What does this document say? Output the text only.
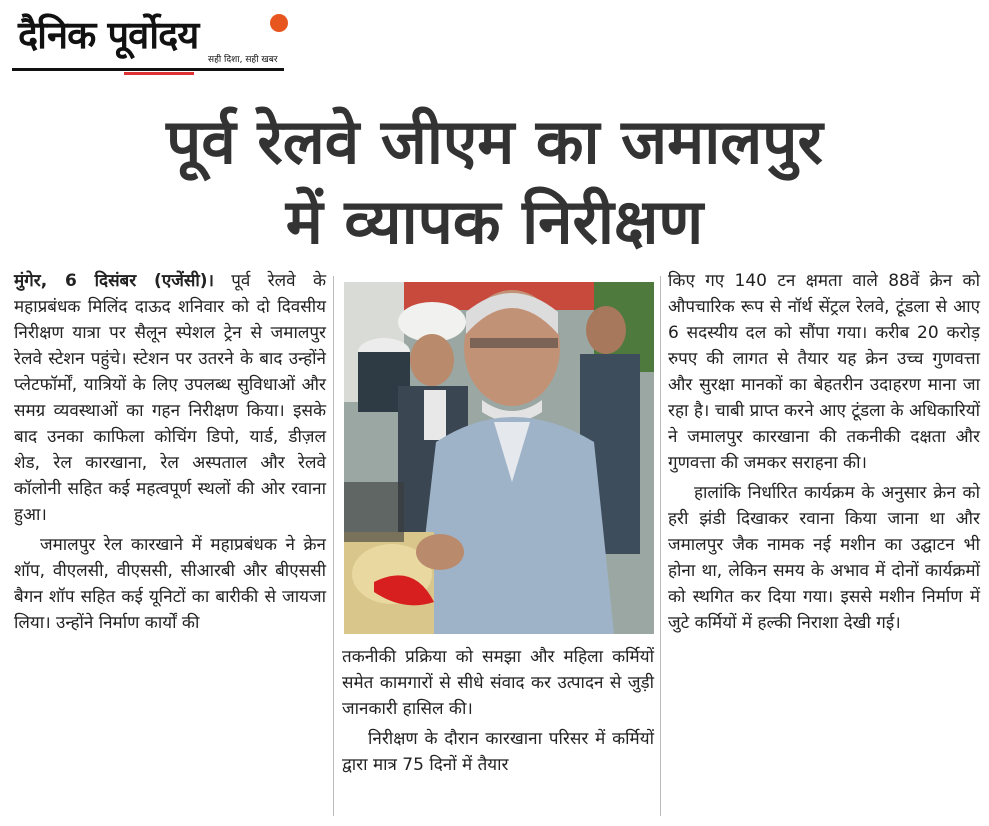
दैनिक पूर्वोदय
सही दिशा, सही खबर
पूर्व रेलवे जीएम का जमालपुर
में व्यापक निरीक्षण

मुंगेर, 6 दिसंबर (एजेंसी)। पूर्व रेलवे के महाप्रबंधक मिलिंद दाऊद शनिवार को दो दिवसीय निरीक्षण यात्रा पर सैलून स्पेशल ट्रेन से जमालपुर रेलवे स्टेशन पहुंचे। स्टेशन पर उतरने के बाद उन्होंने प्लेटफॉर्मों, यात्रियों के लिए उपलब्ध सुविधाओं और समग्र व्यवस्थाओं का गहन निरीक्षण किया। इसके बाद उनका काफिला कोचिंग डिपो, यार्ड, डीज़ल शेड, रेल कारखाना, रेल अस्पताल और रेलवे कॉलोनी सहित कई महत्वपूर्ण स्थलों की ओर रवाना हुआ।

जमालपुर रेल कारखाने में महाप्रबंधक ने क्रेन शॉप, वीएलसी, वीएससी, सीआरबी और बीएससी बैगन शॉप सहित कई यूनिटों का बारीकी से जायजा लिया। उन्होंने निर्माण कार्यों की

तकनीकी प्रक्रिया को समझा और महिला कर्मियों समेत कामगारों से सीधे संवाद कर उत्पादन से जुड़ी जानकारी हासिल की।

निरीक्षण के दौरान कारखाना परिसर में कर्मियों द्वारा मात्र 75 दिनों में तैयार

किए गए 140 टन क्षमता वाले 88वें क्रेन को औपचारिक रूप से नॉर्थ सेंट्रल रेलवे, टूंडला से आए 6 सदस्यीय दल को सौंपा गया। करीब 20 करोड़ रुपए की लागत से तैयार यह क्रेन उच्च गुणवत्ता और सुरक्षा मानकों का बेहतरीन उदाहरण माना जा रहा है। चाबी प्राप्त करने आए टूंडला के अधिकारियों ने जमालपुर कारखाना की तकनीकी दक्षता और गुणवत्ता की जमकर सराहना की।

हालांकि निर्धारित कार्यक्रम के अनुसार क्रेन को हरी झंडी दिखाकर रवाना किया जाना था और जमालपुर जैक नामक नई मशीन का उद्घाटन भी होना था, लेकिन समय के अभाव में दोनों कार्यक्रमों को स्थगित कर दिया गया। इससे मशीन निर्माण में जुटे कर्मियों में हल्की निराशा देखी गई।
